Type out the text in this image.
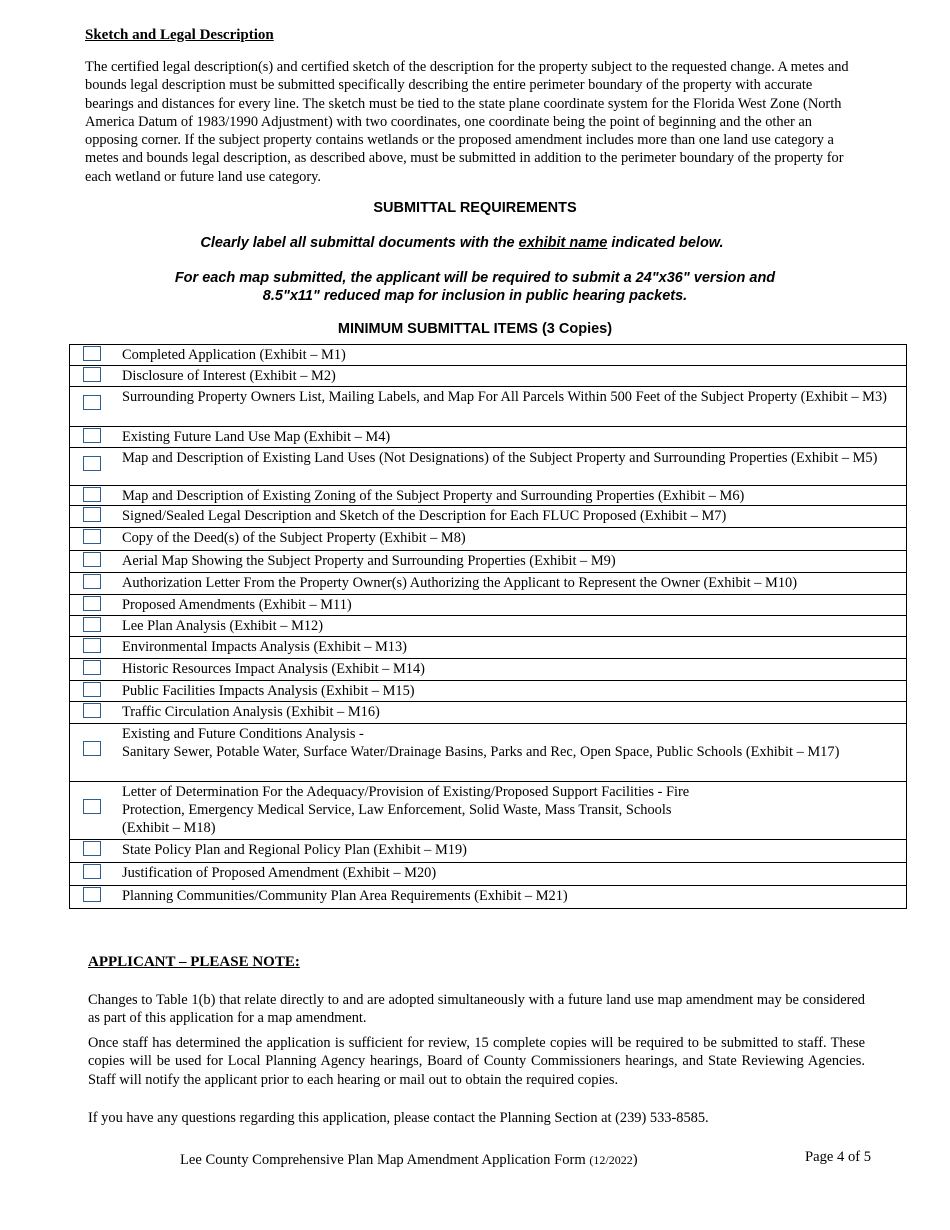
Sketch and Legal Description
The certified legal description(s) and certified sketch of the description for the property subject to the requested change. A metes and bounds legal description must be submitted specifically describing the entire perimeter boundary of the property with accurate bearings and distances for every line. The sketch must be tied to the state plane coordinate system for the Florida West Zone (North America Datum of 1983/1990 Adjustment) with two coordinates, one coordinate being the point of beginning and the other an opposing corner. If the subject property contains wetlands or the proposed amendment includes more than one land use category a metes and bounds legal description, as described above, must be submitted in addition to the perimeter boundary of the property for each wetland or future land use category.
SUBMITTAL REQUIREMENTS
Clearly label all submittal documents with the exhibit name indicated below.
For each map submitted, the applicant will be required to submit a 24"x36" version and
8.5"x11" reduced map for inclusion in public hearing packets.
MINIMUM SUBMITTAL ITEMS (3 Copies)
	Completed Application (Exhibit – M1)

	Disclosure of Interest (Exhibit – M2)

	Surrounding Property Owners List, Mailing Labels, and Map For All Parcels Within 500 Feet of the Subject Property (Exhibit – M3)

	Existing Future Land Use Map (Exhibit – M4)

	Map and Description of Existing Land Uses (Not Designations) of the Subject Property and Surrounding Properties (Exhibit – M5)

	Map and Description of Existing Zoning of the Subject Property and Surrounding Properties (Exhibit – M6)

	Signed/Sealed Legal Description and Sketch of the Description for Each FLUC Proposed (Exhibit – M7)

	Copy of the Deed(s) of the Subject Property (Exhibit – M8)

	Aerial Map Showing the Subject Property and Surrounding Properties (Exhibit – M9)

	Authorization Letter From the Property Owner(s) Authorizing the Applicant to Represent the Owner (Exhibit – M10)

	Proposed Amendments (Exhibit – M11)

	Lee Plan Analysis (Exhibit – M12)

	Environmental Impacts Analysis (Exhibit – M13)

	Historic Resources Impact Analysis (Exhibit – M14)

	Public Facilities Impacts Analysis (Exhibit – M15)

	Traffic Circulation Analysis (Exhibit – M16)

	Existing and Future Conditions Analysis -
Sanitary Sewer, Potable Water, Surface Water/Drainage Basins, Parks and Rec, Open Space, Public Schools (Exhibit – M17)

	Letter of Determination For the Adequacy/Provision of Existing/Proposed Support Facilities - Fire
Protection, Emergency Medical Service, Law Enforcement, Solid Waste, Mass Transit, Schools
(Exhibit – M18)

	State Policy Plan and Regional Policy Plan (Exhibit – M19)

	Justification of Proposed Amendment (Exhibit – M20)

	Planning Communities/Community Plan Area Requirements (Exhibit – M21)
APPLICANT – PLEASE NOTE:
Changes to Table 1(b) that relate directly to and are adopted simultaneously with a future land use map amendment may be considered as part of this application for a map amendment.
Once staff has determined the application is sufficient for review, 15 complete copies will be required to be submitted to staff. These copies will be used for Local Planning Agency hearings, Board of County Commissioners hearings, and State Reviewing Agencies. Staff will notify the applicant prior to each hearing or mail out to obtain the required copies.
If you have any questions regarding this application, please contact the Planning Section at (239) 533-8585.
Lee County Comprehensive Plan Map Amendment Application Form (12/2022)	Page 4 of 5
